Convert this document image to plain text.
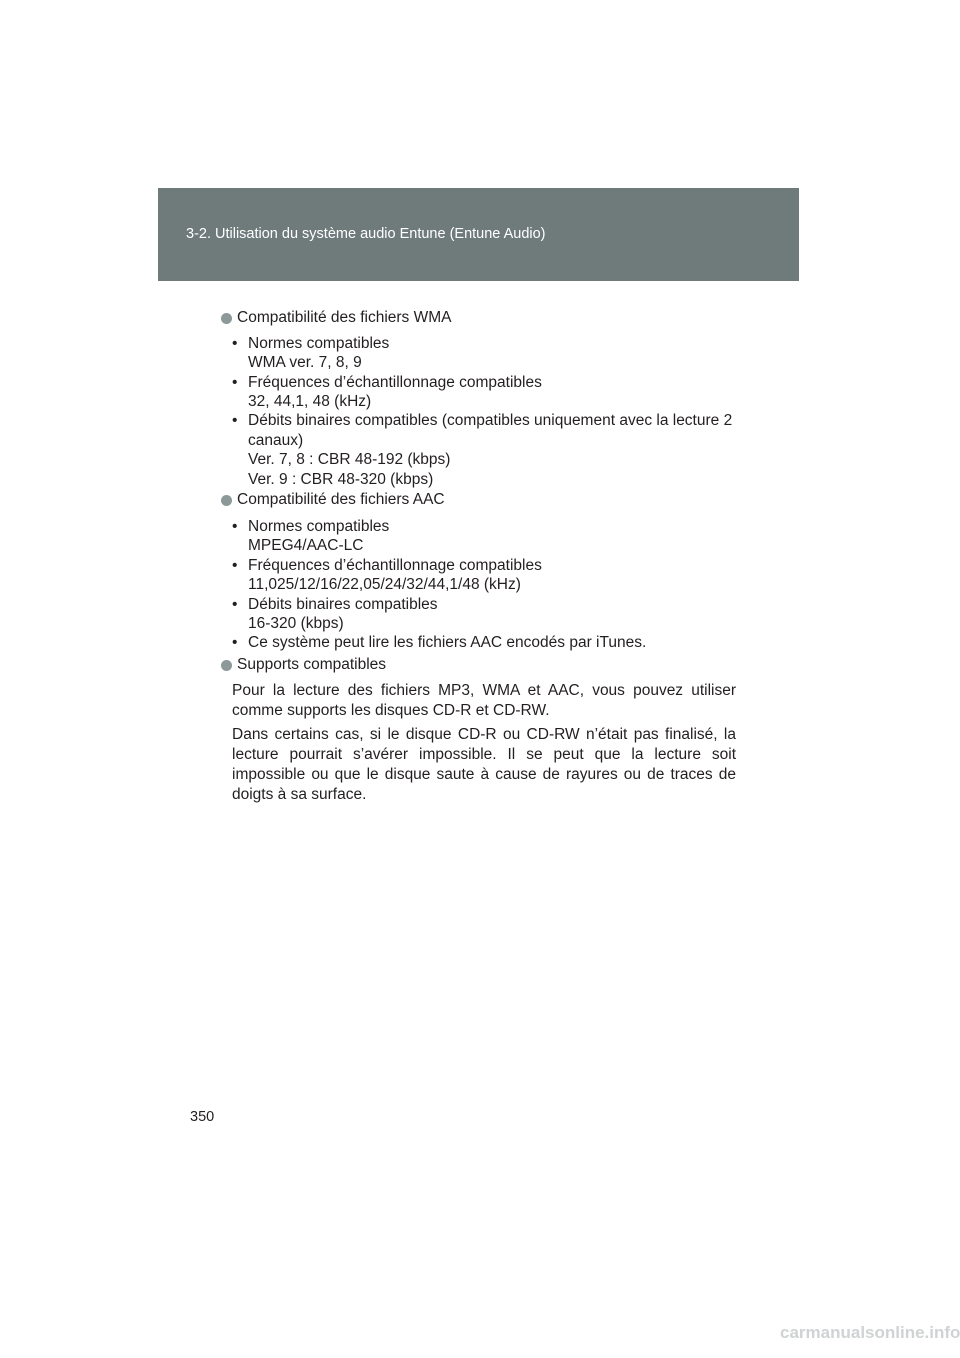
3-2. Utilisation du système audio Entune (Entune Audio)
Compatibilité des fichiers WMA
• Normes compatibles
WMA ver. 7, 8, 9
• Fréquences d’échantillonnage compatibles
32, 44,1, 48 (kHz)
• Débits binaires compatibles (compatibles uniquement avec la lecture 2
canaux)
Ver. 7, 8 : CBR 48-192 (kbps)
Ver. 9 : CBR 48-320 (kbps)
Compatibilité des fichiers AAC
• Normes compatibles
MPEG4/AAC-LC
• Fréquences d’échantillonnage compatibles
11,025/12/16/22,05/24/32/44,1/48 (kHz)
• Débits binaires compatibles
16-320 (kbps)
• Ce système peut lire les fichiers AAC encodés par iTunes.
Supports compatibles
Pour la lecture des fichiers MP3, WMA et AAC, vous pouvez utiliser comme supports les disques CD-R et CD-RW.
Dans certains cas, si le disque CD-R ou CD-RW n’était pas finalisé, la lecture pourrait s’avérer impossible. Il se peut que la lecture soit impossible ou que le disque saute à cause de rayures ou de traces de doigts à sa surface.
350
carmanualsonline.info
